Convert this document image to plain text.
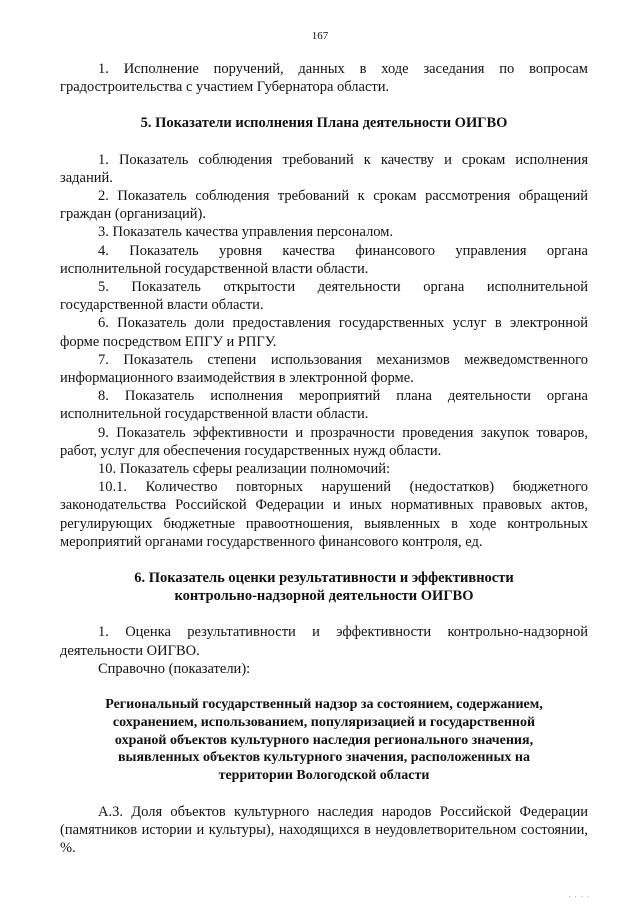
167

1. Исполнение поручений, данных в ходе заседания по вопросам градостроительства с участием Губернатора области.

5. Показатели исполнения Плана деятельности ОИГВО

1. Показатель соблюдения требований к качеству и срокам исполнения заданий.

2. Показатель соблюдения требований к срокам рассмотрения обращений граждан (организаций).

3. Показатель качества управления персоналом.

4. Показатель уровня качества финансового управления органа исполнительной государственной власти области.

5. Показатель открытости деятельности органа исполнительной государственной власти области.

6. Показатель доли предоставления государственных услуг в электронной форме посредством ЕПГУ и РПГУ.

7. Показатель степени использования механизмов межведомственного информационного взаимодействия в электронной форме.

8. Показатель исполнения мероприятий плана деятельности органа исполнительной государственной власти области.

9. Показатель эффективности и прозрачности проведения закупок товаров, работ, услуг для обеспечения государственных нужд области.

10. Показатель сферы реализации полномочий:

10.1. Количество повторных нарушений (недостатков) бюджетного законодательства Российской Федерации и иных нормативных правовых актов, регулирующих бюджетные правоотношения, выявленных в ходе контрольных мероприятий органами государственного финансового контроля, ед.

6. Показатель оценки результативности и эффективности

контрольно-надзорной деятельности ОИГВО

1. Оценка результативности и эффективности контрольно-надзорной деятельности ОИГВО.

Справочно (показатели):

Региональный государственный надзор за состоянием, содержанием, сохранением, использованием, популяризацией и государственной охраной объектов культурного наследия регионального значения, выявленных объектов культурного значения, расположенных на территории Вологодской области

А.3. Доля объектов культурного наследия народов Российской Федерации (памятников истории и культуры), находящихся в неудовлетворительном состоянии, %.

· · · ·
